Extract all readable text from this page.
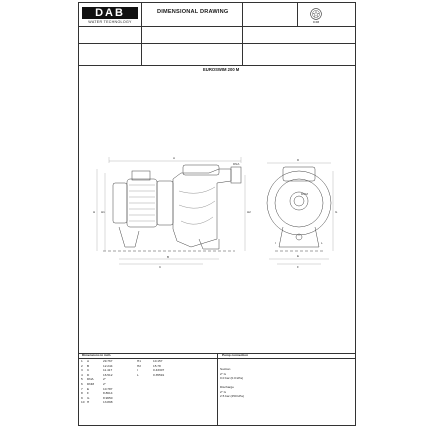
DAB
WATER TECHNOLOGY
DIMENSIONAL DRAWING
ICIM
EUROSWIM 200 M
A
H H1
B
C
H2
DNA
D
E
F
G
DNM
I	L
Dimensions in inch.	Pump connection
1 A	29.767	H1	10.157
2 B	12.244	H2	15.78
3 C	11.417	I	0.43307
4 D	16.512	L	0.35591
5 DNA	2"
6 DNM	2"
7 E	10.787
8 F	8.8614
9 G	8.9650
10 H	13.898
Suction
2" G
0.0 bar (0.0 kPa)
Discharge
2" G
2.5 bar (250 kPa)
